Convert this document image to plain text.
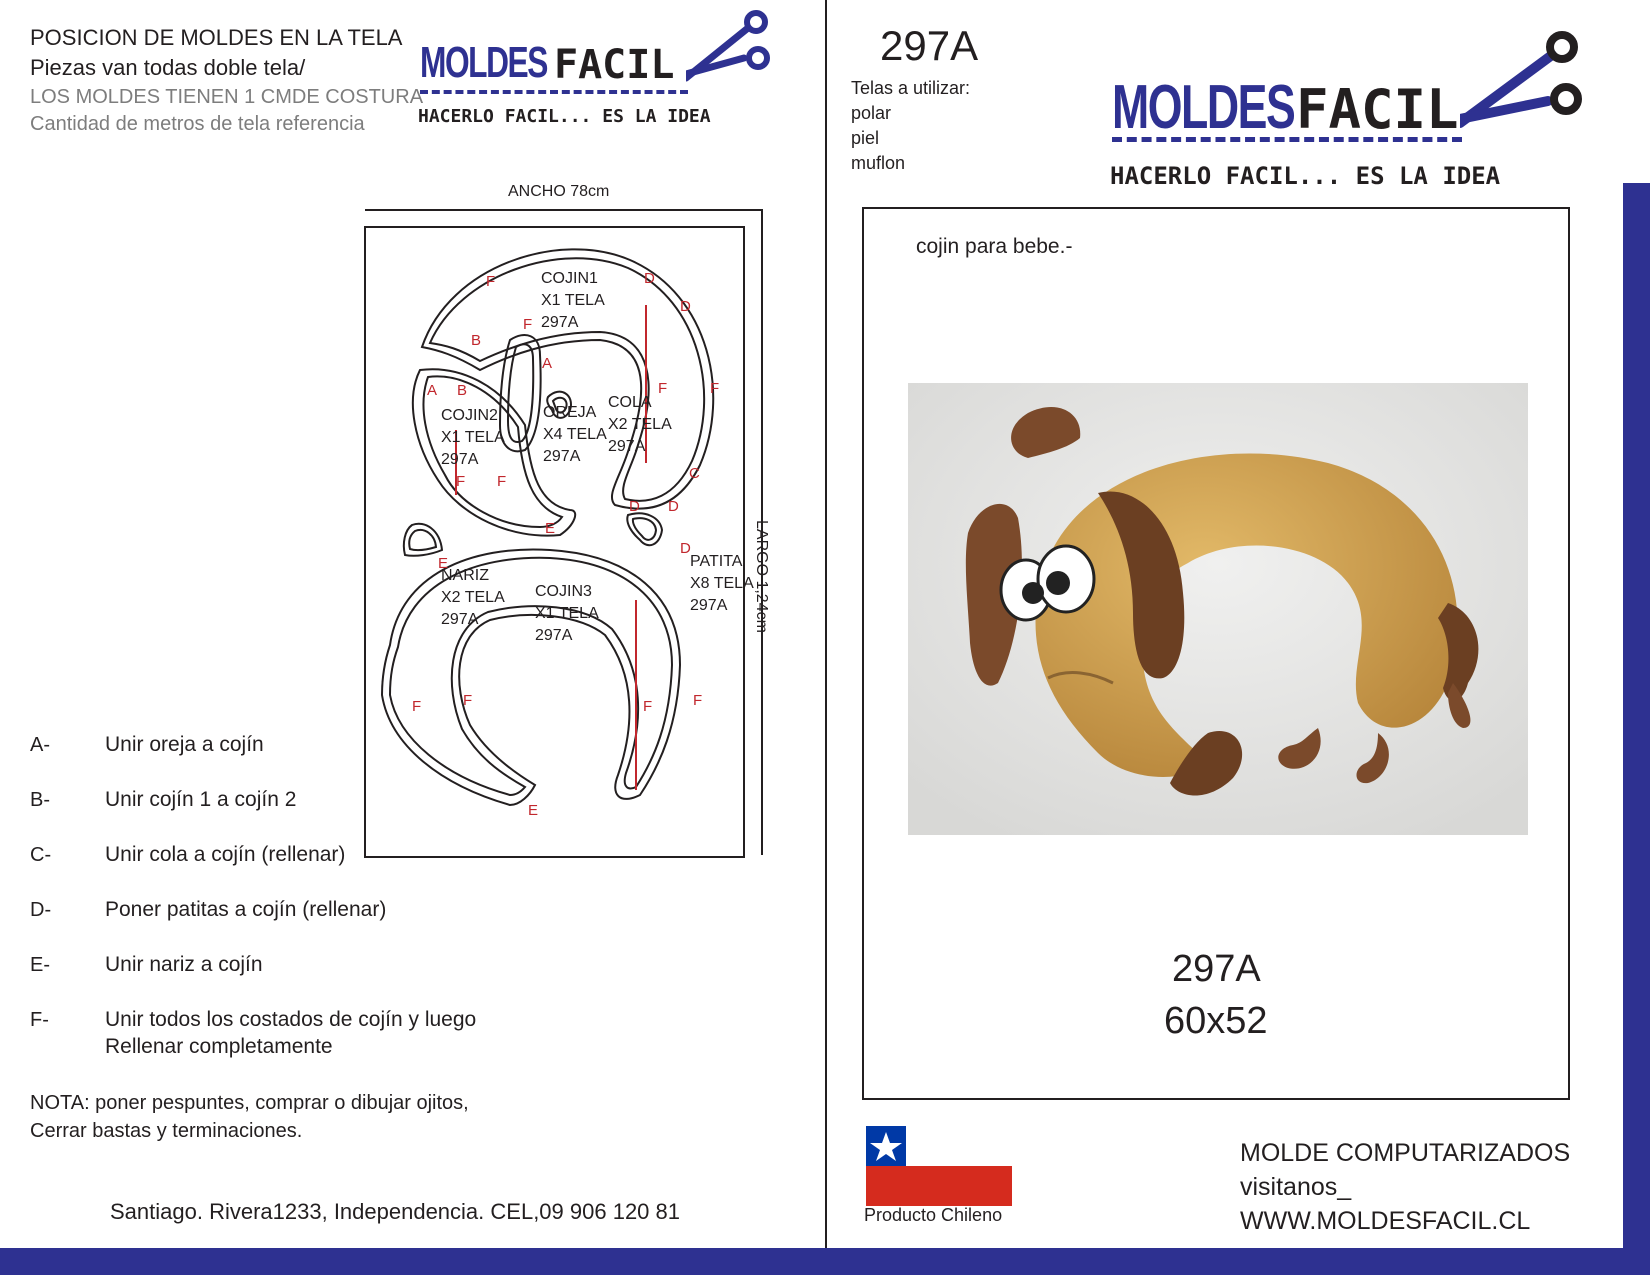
POSICION DE MOLDES EN LA TELA
Piezas van todas doble tela/
LOS MOLDES TIENEN 1 CMDE COSTURA
Cantidad de metros de tela referencia
MOLDES FACIL
HACERLO FACIL... ES LA IDEA
ANCHO 78cm
LARGO 1,24cm
COJIN1
X1 TELA
297A
COJIN2
X1 TELA
297A
OREJA
X4 TELA
297A
COLA
X2 TELA
297A
NARIZ
X2 TELA
297A
COJIN3
X1 TELA
297A
PATITA
X8 TELA
297A
F	D
D
B
F
A
A B	F	F
C
F F
E
D D
E
D
F	F	F	F
E
A-	Unir oreja a cojín
B-	Unir cojín 1 a cojín 2
C-	Unir cola a cojín (rellenar)
D-	Poner patitas a cojín (rellenar)
E-	Unir nariz a cojín
F-	Unir todos los costados de cojín y luego
Rellenar completamente
NOTA: poner pespuntes, comprar o dibujar ojitos,
Cerrar bastas y terminaciones.
Santiago. Rivera1233, Independencia. CEL,09 906 120 81
297A
Telas a utilizar:
polar
piel
muflon
MOLDES FACIL
HACERLO FACIL... ES LA IDEA
cojin para bebe.-
297A
60x52
Producto Chileno
MOLDE COMPUTARIZADOS
visitanos_
WWW.MOLDESFACIL.CL
